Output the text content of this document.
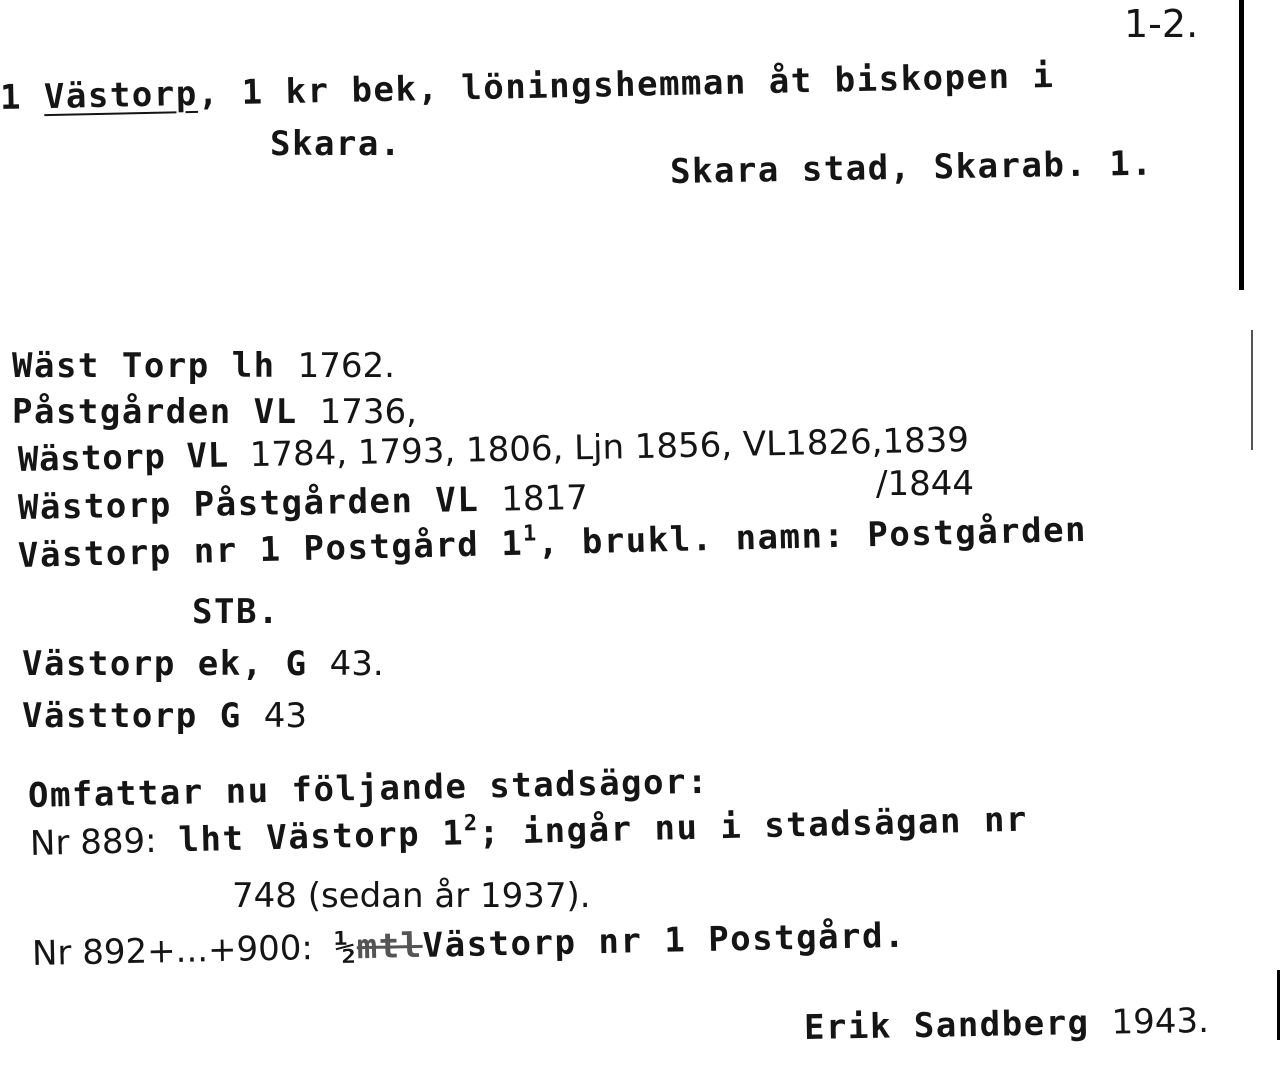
1-2.
1 Västorp, 1 kr bek, löningshemman åt biskopen i
Skara.	Skara stad, Skarab. 1.
Wäst Torp lh 1762.
Påstgården VL 1736,
Wästorp VL 1784, 1793, 1806, Ljn 1856, VL1826,1839
/1844
Wästorp Påstgården VL 1817
Västorp nr 1 Postgård $1^1$, brukl. namn: Postgården
STB.
Västorp ek, G 43.
Västtorp G 43
Omfattar nu följande stadsägor:
Nr 889: lht Västorp $1^2$; ingår nu i stadsägan nr
748 (sedan år 1937).
Nr 892+...+900: ½mtlVästorp nr 1 Postgård.
Erik Sandberg 1943.
